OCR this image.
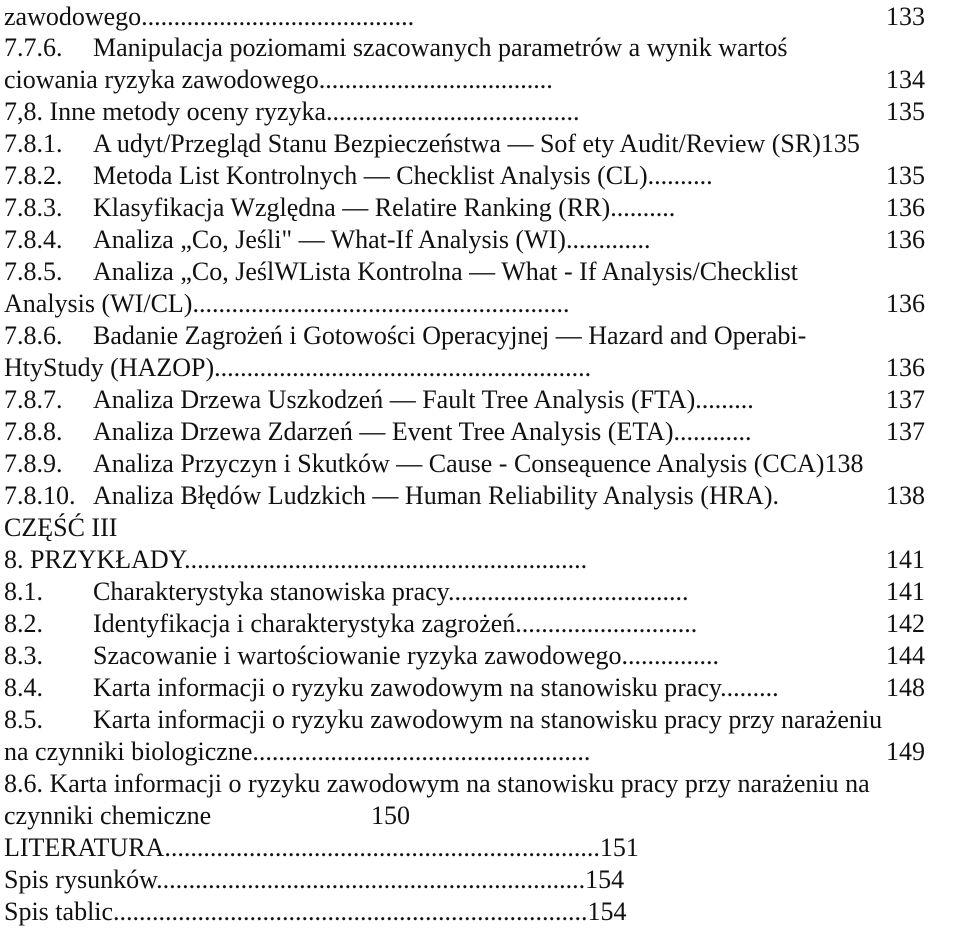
zawodowego..........................................	133
7.7.6. Manipulacja poziomami szacowanych parametrów a wynik wartoś
ciowania ryzyka zawodowego....................................	134
7,8. Inne metody oceny ryzyka.......................................	135
7.8.1. A udyt/Przegląd Stanu Bezpieczeństwa — Sof ety Audit/Review (SR)135
7.8.2. Metoda List Kontrolnych — Checklist Analysis (CL)..........	135
7.8.3. Klasyfikacja Względna — Relatire Ranking (RR)..........	136
7.8.4. Analiza „Co, Jeśli" — What-If Analysis (WI).............	136
7.8.5. Analiza „Co, JeślWLista Kontrolna — What - If Analysis/Checklist
Analysis (WI/CL)..........................................................	136
7.8.6. Badanie Zagrożeń i Gotowości Operacyjnej — Hazard and Operabi-
HtyStudy (HAZOP)..........................................................	136
7.8.7. Analiza Drzewa Uszkodzeń — Fault Tree Analysis (FTA).........	137
7.8.8. Analiza Drzewa Zdarzeń — Event Tree Analysis (ETA)............	137
7.8.9. Analiza Przyczyn i Skutków — Cause - Conseąuence Analysis (CCA)138
7.8.10. Analiza Błędów Ludzkich — Human Reliability Analysis (HRA).	138
CZĘŚĆ III
8. PRZYKŁADY..............................................................	141
8.1. Charakterystyka stanowiska pracy.....................................	141
8.2. Identyfikacja i charakterystyka zagrożeń............................	142
8.3. Szacowanie i wartościowanie ryzyka zawodowego...............	144
8.4. Karta informacji o ryzyku zawodowym na stanowisku pracy.........	148
8.5. Karta informacji o ryzyku zawodowym na stanowisku pracy przy narażeniu
na czynniki biologiczne....................................................	149
8.6. Karta informacji o ryzyku zawodowym na stanowisku pracy przy narażeniu na
czynniki chemiczne	150
LITERATURA...................................................................151
Spis rysunków..................................................................154
Spis tablic.........................................................................154
